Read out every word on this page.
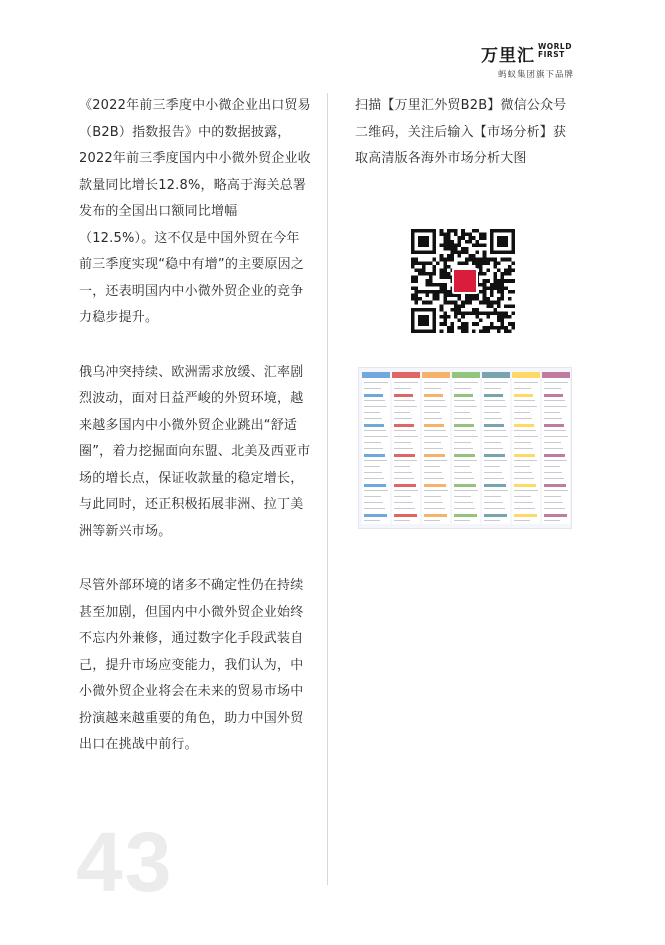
万里汇 WORLD
FIRST
蚂蚁集团旗下品牌

《2022年前三季度中小微企业出口贸易（B2B）指数报告》中的数据披露，2022年前三季度国内中小微外贸企业收款量同比增长12.8%，略高于海关总署发布的全国出口额同比增幅（12.5%）。这不仅是中国外贸在今年前三季度实现“稳中有增”的主要原因之一，还表明国内中小微外贸企业的竞争力稳步提升。

俄乌冲突持续、欧洲需求放缓、汇率剧烈波动，面对日益严峻的外贸环境，越来越多国内中小微外贸企业跳出“舒适圈”，着力挖掘面向东盟、北美及西亚市场的增长点，保证收款量的稳定增长，与此同时，还正积极拓展非洲、拉丁美洲等新兴市场。

尽管外部环境的诸多不确定性仍在持续甚至加剧，但国内中小微外贸企业始终不忘内外兼修，通过数字化手段武装自己，提升市场应变能力，我们认为，中小微外贸企业将会在未来的贸易市场中扮演越来越重要的角色，助力中国外贸出口在挑战中前行。

扫描【万里汇外贸B2B】微信公众号二维码，关注后输入【市场分析】获取高清版各海外市场分析大图

43
